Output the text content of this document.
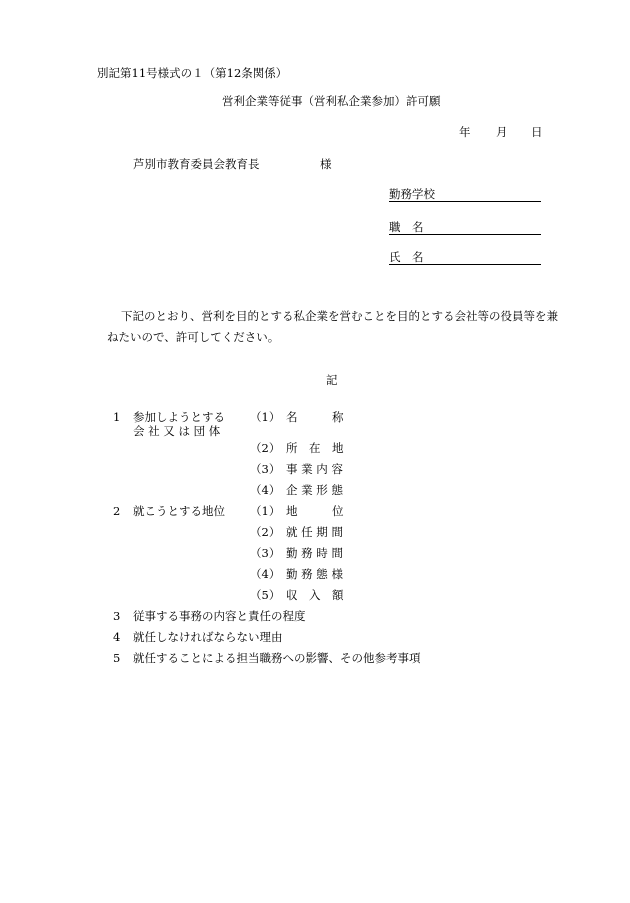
別記第11号様式の１（第12条関係）
営利企業等従事（営利私企業参加）許可願
年 月 日
芦別市教育委員会教育長	様
勤務学校
職　名
氏　名
下記のとおり、営利を目的とする私企業を営むことを目的とする会社等の役員等を兼
ねたいので、許可してください。
記
1 参加しようとする
会 社 又 は 団 体
（1） 名　　　称
（2） 所　在　地
（3） 事 業 内 容
（4） 企 業 形 態
2 就こうとする地位 （1） 地　　　位
（2） 就 任 期 間
（3） 勤 務 時 間
（4） 勤 務 態 様
（5） 収　入　額
3 従事する事務の内容と責任の程度
4 就任しなければならない理由
5 就任することによる担当職務への影響、その他参考事項
